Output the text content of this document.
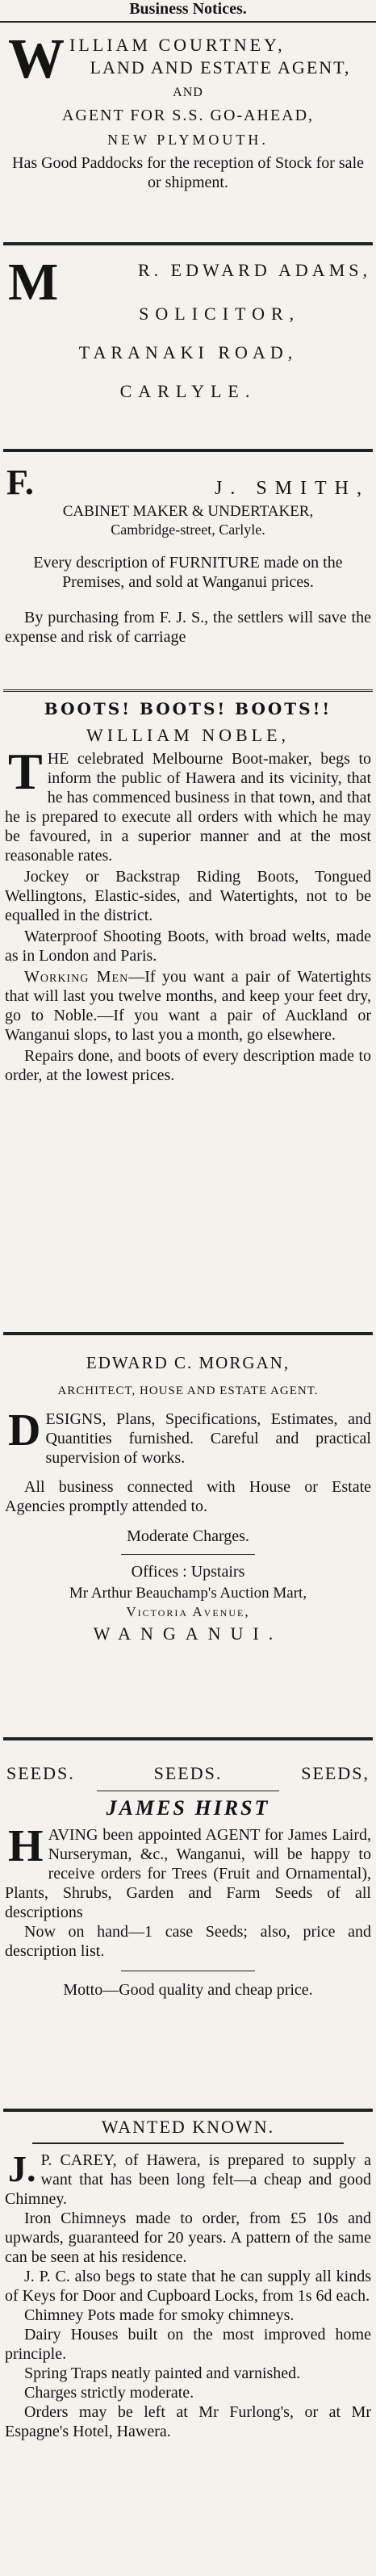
Business Notices.
W ILLIAM COURTNEY,
LAND AND ESTATE AGENT,
AND
AGENT FOR S.S. GO-AHEAD,
NEW PLYMOUTH.
Has Good Paddocks for the reception of Stock for sale or shipment.
M	R. EDWARD ADAMS,
SOLICITOR,
TARANAKI ROAD,
CARLYLE.
F.	J. SMITH,
CABINET MAKER & UNDERTAKER,
Cambridge-street, Carlyle.
Every description of FURNITURE made on the Premises, and sold at Wanganui prices.
By purchasing from F. J. S., the settlers will save the expense and risk of carriage
BOOTS! BOOTS! BOOTS!!
WILLIAM NOBLE,
T HE celebrated Melbourne Boot-maker, begs to inform the public of Hawera and its vicinity, that he has commenced business in that town, and that he is prepared to execute all orders with which he may be favoured, in a superior manner and at the most reasonable rates.
Jockey or Backstrap Riding Boots, Tongued Wellingtons, Elastic-sides, and Watertights, not to be equalled in the district.
Waterproof Shooting Boots, with broad welts, made as in London and Paris.
Working Men—If you want a pair of Watertights that will last you twelve months, and keep your feet dry, go to Noble.—If you want a pair of Auckland or Wanganui slops, to last you a month, go elsewhere.
Repairs done, and boots of every description made to order, at the lowest prices.
EDWARD C. MORGAN,
ARCHITECT, HOUSE AND ESTATE AGENT.
D ESIGNS, Plans, Specifications, Estimates, and Quantities furnished. Careful and practical supervision of works.
All business connected with House or Estate Agencies promptly attended to.
Moderate Charges.
Offices : Upstairs
Mr Arthur Beauchamp's Auction Mart,
Victoria Avenue,
WANGANUI.
SEEDS.	SEEDS.	SEEDS,
JAMES HIRST
H AVING been appointed AGENT for James Laird, Nurseryman, &c., Wanganui, will be happy to receive orders for Trees (Fruit and Ornamental), Plants, Shrubs, Garden and Farm Seeds of all descriptions
Now on hand—1 case Seeds; also, price and description list.
Motto—Good quality and cheap price.
WANTED KNOWN.
J. P. CAREY, of Hawera, is prepared to supply a want that has been long felt—a cheap and good Chimney.
Iron Chimneys made to order, from £5 10s and upwards, guaranteed for 20 years. A pattern of the same can be seen at his residence.
J. P. C. also begs to state that he can supply all kinds of Keys for Door and Cupboard Locks, from 1s 6d each.
Chimney Pots made for smoky chimneys.
Dairy Houses built on the most improved home principle.
Spring Traps neatly painted and varnished.
Charges strictly moderate.
Orders may be left at Mr Furlong's, or at Mr Espagne's Hotel, Hawera.
